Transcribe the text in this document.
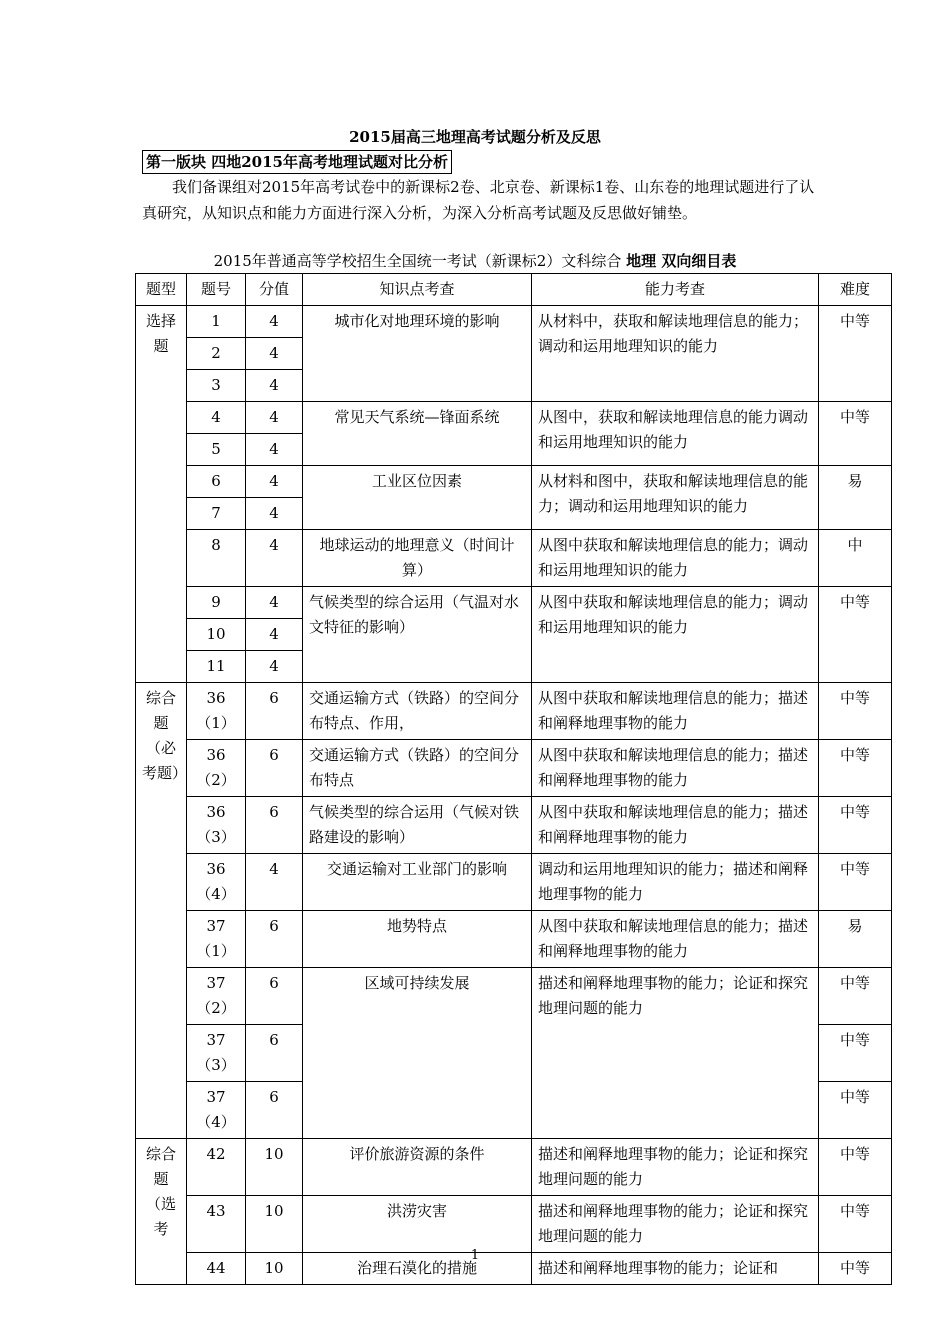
2015届高三地理高考试题分析及反思
第一版块 四地2015年高考地理试题对比分析

我们备课组对2015年高考试卷中的新课标2卷、北京卷、新课标1卷、山东卷的地理试题进行了认真研究，从知识点和能力方面进行深入分析，为深入分析高考试题及反思做好铺垫。

2015年普通高等学校招生全国统一考试（新课标2）文科综合 地理 双向细目表
题型	题号	分值	知识点考查	能力考查	难度
选择题	1	4	城市化对地理环境的影响	从材料中，获取和解读地理信息的能力；调动和运用地理知识的能力	中等
	2	4			
	3	4			
	4	4	常见天气系统—锋面系统	从图中，获取和解读地理信息的能力调动和运用地理知识的能力	中等
	5	4			
	6	4	工业区位因素	从材料和图中，获取和解读地理信息的能力；调动和运用地理知识的能力	易
	7	4			
	8	4	地球运动的地理意义（时间计算）	从图中获取和解读地理信息的能力；调动和运用地理知识的能力	中
	9	4	气候类型的综合运用（气温对水文特征的影响）	从图中获取和解读地理信息的能力；调动和运用地理知识的能力	中等
	10	4			
	11	4			
综合题（必考题）	36（1）	6	交通运输方式（铁路）的空间分布特点、作用，	从图中获取和解读地理信息的能力；描述和阐释地理事物的能力	中等
	36（2）	6	交通运输方式（铁路）的空间分布特点	从图中获取和解读地理信息的能力；描述和阐释地理事物的能力	中等
	36（3）	6	气候类型的综合运用（气候对铁路建设的影响）	从图中获取和解读地理信息的能力；描述和阐释地理事物的能力	中等
	36（4）	4	交通运输对工业部门的影响	调动和运用地理知识的能力；描述和阐释地理事物的能力	中等
	37（1）	6	地势特点	从图中获取和解读地理信息的能力；描述和阐释地理事物的能力	易
	37（2）	6	区域可持续发展	描述和阐释地理事物的能力；论证和探究地理问题的能力	中等
	37（3）	6			中等
	37（4）	6			中等
综合题（选考	42	10	评价旅游资源的条件	描述和阐释地理事物的能力；论证和探究地理问题的能力	中等
	43	10	洪涝灾害	描述和阐释地理事物的能力；论证和探究地理问题的能力	中等
	44	10	治理石漠化的措施	描述和阐释地理事物的能力；论证和	中等
1
